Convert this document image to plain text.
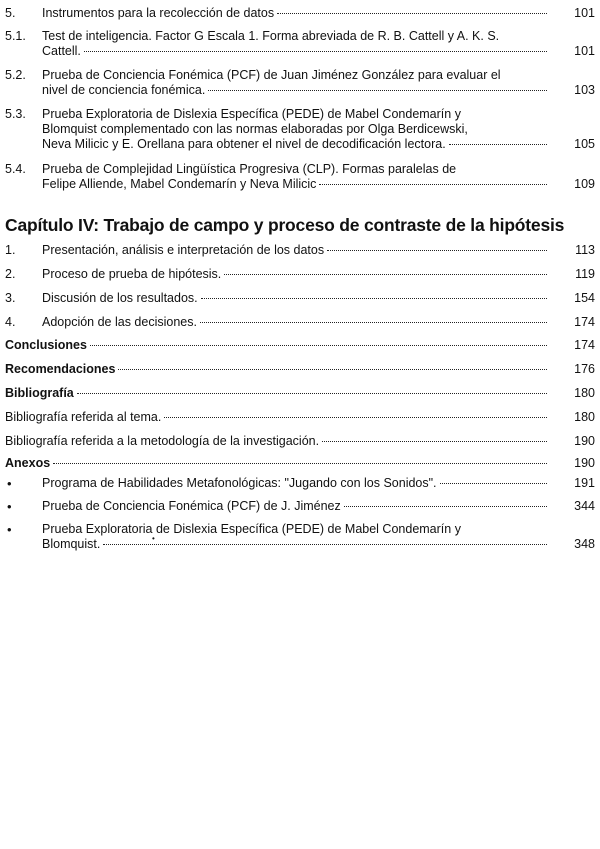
5. Instrumentos para la recolección de datos	101
5.1. Test de inteligencia. Factor G Escala 1. Forma abreviada de R. B. Cattell y A. K. S.
Cattell.	101
5.2. Prueba de Conciencia Fonémica (PCF) de Juan Jiménez González para evaluar el
nivel de conciencia fonémica.	103
5.3. Prueba Exploratoria de Dislexia Específica (PEDE) de Mabel Condemarín y
Blomquist complementado con las normas elaboradas por Olga Berdicewski,
Neva Milicic y E. Orellana para obtener el nivel de decodificación lectora.	105
5.4. Prueba de Complejidad Lingüística Progresiva (CLP). Formas paralelas de
Felipe Alliende, Mabel Condemarín y Neva Milicic	109
Capítulo IV: Trabajo de campo y proceso de contraste de la hipótesis
1. Presentación, análisis e interpretación de los datos	113
2. Proceso de prueba de hipótesis.	119
3. Discusión de los resultados.	154
4. Adopción de las decisiones.	174
Conclusiones	174
Recomendaciones	176
Bibliografía	180
Bibliografía referida al tema.	180
Bibliografía referida a la metodología de la investigación.	190
Anexos	190
• Programa de Habilidades Metafonológicas: "Jugando con los Sonidos".	191
• Prueba de Conciencia Fonémica (PCF) de J. Jiménez	344
• Prueba Exploratoria de Dislexia Específica (PEDE) de Mabel Condemarín y
Blomquist.	348
•
